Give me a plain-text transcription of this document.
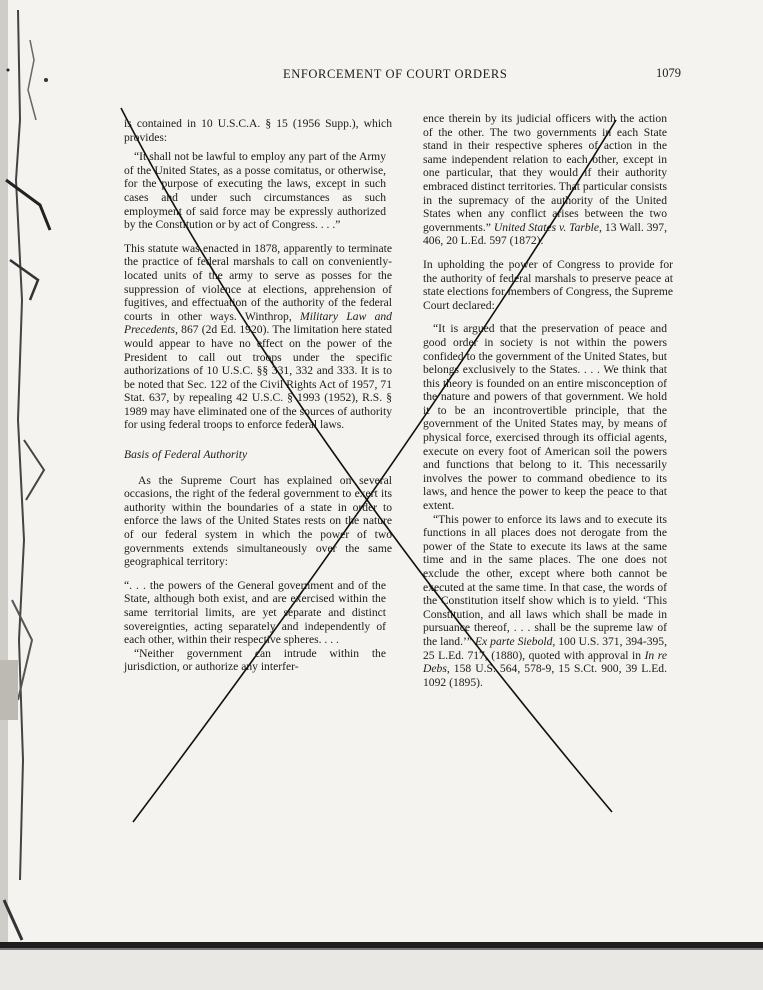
ENFORCEMENT OF COURT ORDERS	1079

is contained in 10 U.S.C.A. § 15 (1956 Supp.), which provides:

“It shall not be lawful to employ any part of the Army of the United States, as a posse comitatus, or otherwise, for the purpose of executing the laws, except in such cases and under such circumstances as such employment of said force may be expressly authorized by the Constitution or by act of Congress. . . .”

This statute was enacted in 1878, apparently to terminate the practice of federal marshals to call on conveniently-located units of the army to serve as posses for the suppression of violence at elections, apprehension of fugitives, and effectuation of the authority of the federal courts in other ways. Winthrop, Military Law and Precedents, 867 (2d Ed. 1920). The limitation here stated would appear to have no effect on the power of the President to call out troops under the specific authorizations of 10 U.S.C. §§ 331, 332 and 333. It is to be noted that Sec. 122 of the Civil Rights Act of 1957, 71 Stat. 637, by repealing 42 U.S.C. § 1993 (1952), R.S. § 1989 may have eliminated one of the sources of authority for using federal troops to enforce federal laws.

Basis of Federal Authority

As the Supreme Court has explained on several occasions, the right of the federal government to exert its authority within the boundaries of a state in order to enforce the laws of the United States rests on the nature of our federal system in which the power of two governments extends simultaneously over the same geographical territory:

“. . . the powers of the General government and of the State, although both exist, and are exercised within the same territorial limits, are yet separate and distinct sovereignties, acting separately and independently of each other, within their respective spheres. . . .

“Neither government can intrude within the jurisdiction, or authorize any interfer-

ence therein by its judicial officers with the action of the other. The two governments in each State stand in their respective spheres of action in the same independent relation to each other, except in one particular, that they would if their authority embraced distinct territories. That particular consists in the supremacy of the authority of the United States when any conflict arises between the two governments.” United States v. Tarble, 13 Wall. 397, 406, 20 L.Ed. 597 (1872).

In upholding the power of Congress to provide for the authority of federal marshals to preserve peace at state elections for members of Congress, the Supreme Court declared:

“It is argued that the preservation of peace and good order in society is not within the powers confided to the government of the United States, but belongs exclusively to the States. . . . We think that this theory is founded on an entire misconception of the nature and powers of that government. We hold it to be an incontrovertible principle, that the government of the United States may, by means of physical force, exercised through its official agents, execute on every foot of American soil the powers and functions that belong to it. This necessarily involves the power to command obedience to its laws, and hence the power to keep the peace to that extent.

“This power to enforce its laws and to execute its functions in all places does not derogate from the power of the State to execute its laws at the same time and in the same places. The one does not exclude the other, except where both cannot be executed at the same time. In that case, the words of the Constitution itself show which is to yield. ‘This Constitution, and all laws which shall be made in pursuance thereof, . . . shall be the supreme law of the land.’” Ex parte Siebold, 100 U.S. 371, 394-395, 25 L.Ed. 717, (1880), quoted with approval in In re Debs, 158 U.S. 564, 578-9, 15 S.Ct. 900, 39 L.Ed. 1092 (1895).
